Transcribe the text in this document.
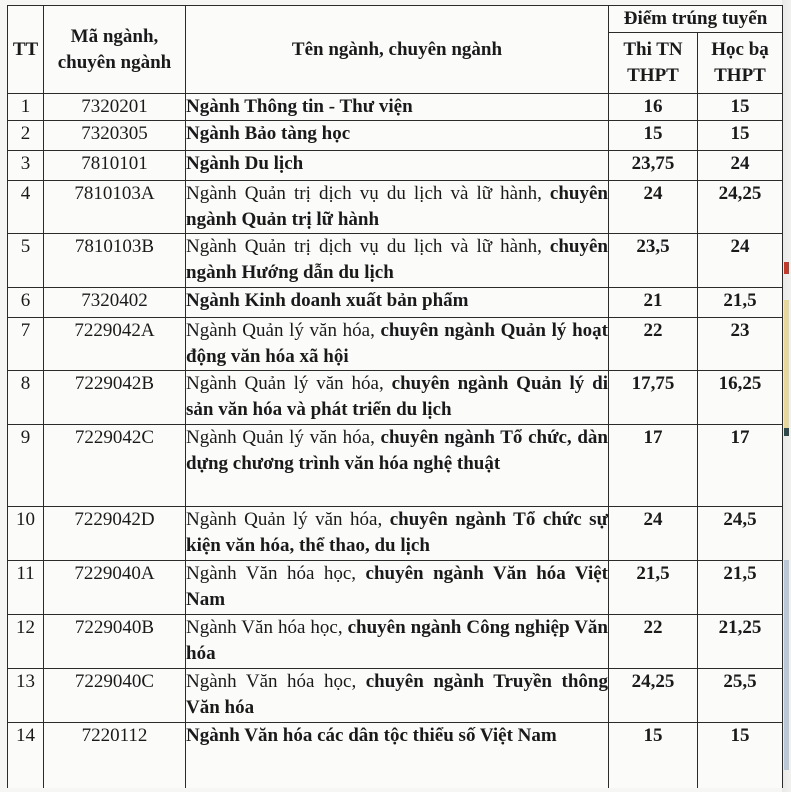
TT	Mã ngành, chuyên ngành	Tên ngành, chuyên ngành	Điểm trúng tuyển	
			Thi TN THPT	Học bạ THPT
1	7320201	Ngành Thông tin - Thư viện	16	15
2	7320305	Ngành Bảo tàng học	15	15
3	7810101	Ngành Du lịch	23,75	24
4	7810103A	Ngành Quản trị dịch vụ du lịch và lữ hành, chuyên ngành Quản trị lữ hành	24	24,25
5	7810103B	Ngành Quản trị dịch vụ du lịch và lữ hành, chuyên ngành Hướng dẫn du lịch	23,5	24
6	7320402	Ngành Kinh doanh xuất bản phẩm	21	21,5
7	7229042A	Ngành Quản lý văn hóa, chuyên ngành Quản lý hoạt động văn hóa xã hội	22	23
8	7229042B	Ngành Quản lý văn hóa, chuyên ngành Quản lý di sản văn hóa và phát triển du lịch	17,75	16,25
9	7229042C	Ngành Quản lý văn hóa, chuyên ngành Tổ chức, dàn dựng chương trình văn hóa nghệ thuật	17	17
10	7229042D	Ngành Quản lý văn hóa, chuyên ngành Tổ chức sự kiện văn hóa, thể thao, du lịch	24	24,5
11	7229040A	Ngành Văn hóa học, chuyên ngành Văn hóa Việt Nam	21,5	21,5
12	7229040B	Ngành Văn hóa học, chuyên ngành Công nghiệp Văn hóa	22	21,25
13	7229040C	Ngành Văn hóa học, chuyên ngành Truyền thông Văn hóa	24,25	25,5
14	7220112	Ngành Văn hóa các dân tộc thiểu số Việt Nam	15	15
